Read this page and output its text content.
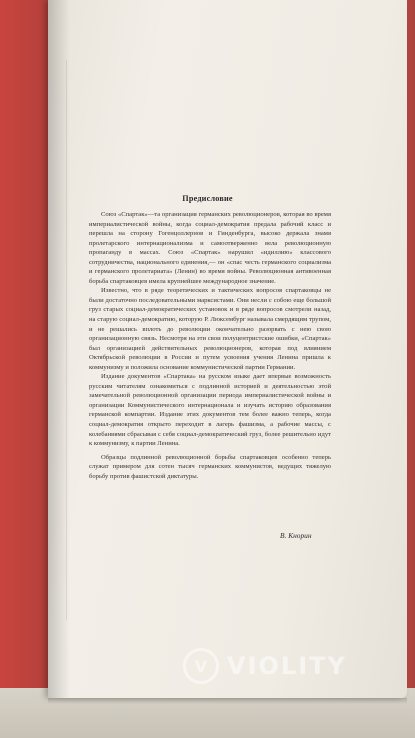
Предисловие

Союз «Спартак»—та организация германских революционеров, которая во время империалистической войны, когда социал-демократия предала рабочий класс и перешла на сторону Гогенцоллернов и Гинденбурга, высоко держала знамя пролетарского интернационализма и самоотверженно вела революционную пропаганду в массах. Союз «Спартак» нарушил «идиллию» классового сотрудничества, национального единения,— он «спас честь германского социализма и германского пролетариата» (Ленин) во время войны. Революционная антивоенная борьба спартаковцев имела крупнейшее международное значение.

Известно, что в ряде теоретических и тактических вопросов спартаковцы не были достаточно последовательными марксистами. Они несли с собою еще большой груз старых социал-демократических установок и в ряде вопросов смотрели назад, на старую социал-демократию, которую Р. Люксембург называла смердящим трупом, и не решались вплоть до революции окончательно разорвать с нею свою организационную связь. Несмотря на эти свои полуцентристские ошибки, «Спартак» был организацией действительных революционеров, которая под влиянием Октябрьской революции в России и путем усвоения учения Ленина пришла к коммунизму и положила основание коммунистической партии Германии.

Издание документов «Спартака» на русском языке дает впервые возможность русским читателям ознакомиться с подлинной историей и деятельностью этой замечательной революционной организации периода империалистической войны и организации Коммунистического интернационала и изучать историю образования германской компартии. Издание этих документов тем более важно теперь, когда социал-демократия открыто переходит в лагерь фашизма, а рабочие массы, с колебаниями сбрасывая с себя социал-демократический груз, более решительно идут к коммунизму, к партии Ленина.

Образцы подлинной революционной борьбы спартаковцев особенно теперь служат примером для сотен тысяч германских коммунистов, ведущих тяжелую борьбу против фашистской диктатуры.

В. Кнорин
V VIOLITY
